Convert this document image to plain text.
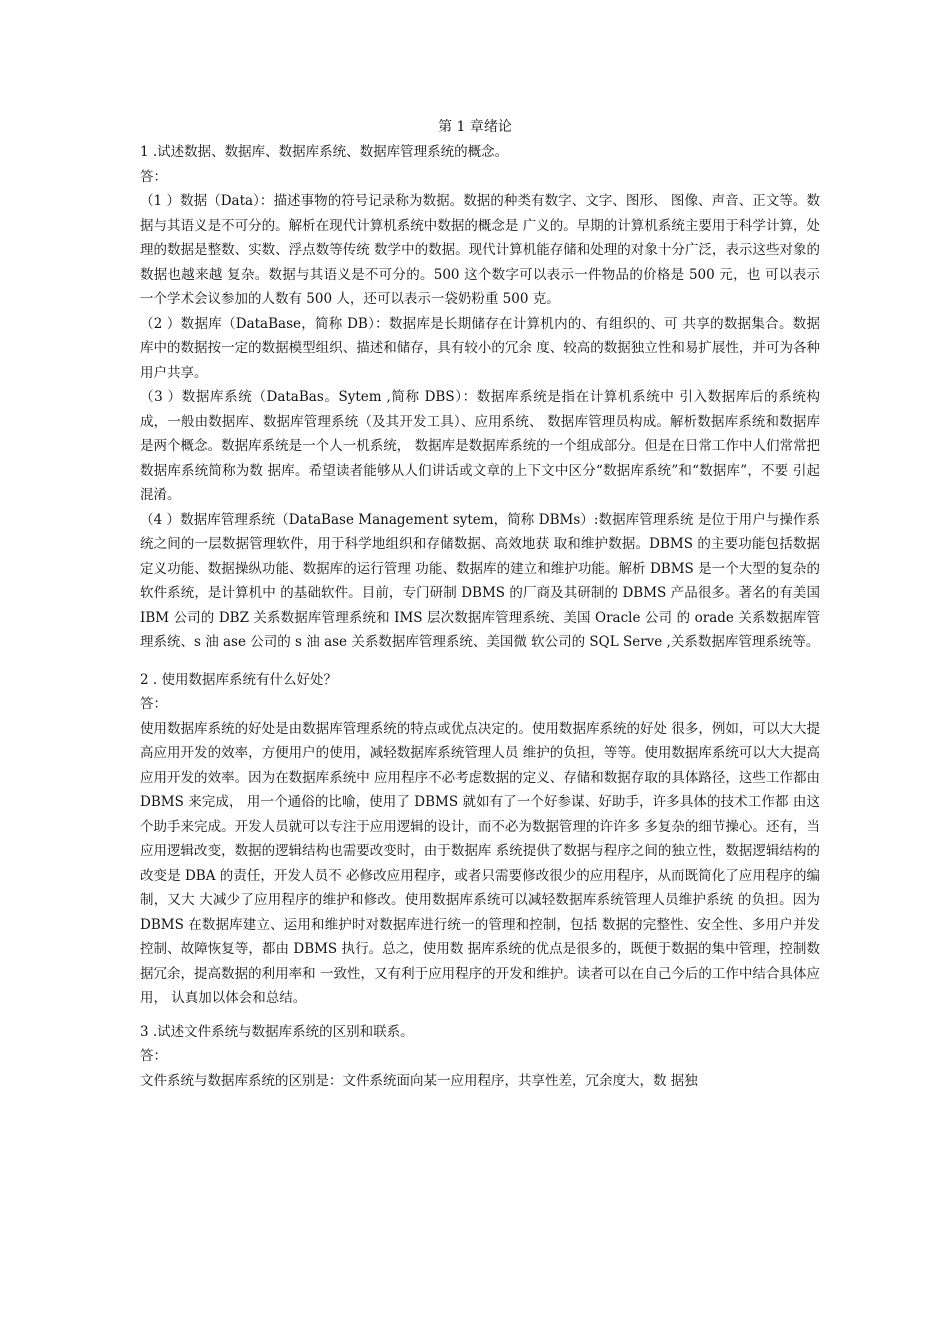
第 1 章绪论

1 .试述数据、数据库、数据库系统、数据库管理系统的概念。

答：

（1 ）数据（Data）：描述事物的符号记录称为数据。数据的种类有数字、文字、图形、 图像、声音、正文等。数据与其语义是不可分的。解析在现代计算机系统中数据的概念是 广义的。早期的计算机系统主要用于科学计算，处理的数据是整数、实数、浮点数等传统 数学中的数据。现代计算机能存储和处理的对象十分广泛，表示这些对象的数据也越来越 复杂。数据与其语义是不可分的。500 这个数字可以表示一件物品的价格是 500 元，也 可以表示一个学术会议参加的人数有 500 人，还可以表示一袋奶粉重 500 克。

（2 ）数据库（DataBase，简称 DB）：数据库是长期储存在计算机内的、有组织的、可 共享的数据集合。数据库中的数据按一定的数据模型组织、描述和储存，具有较小的冗余 度、较高的数据独立性和易扩展性，并可为各种用户共享。

（3 ）数据库系统（DataBas。Sytem ,简称 DBS）：数据库系统是指在计算机系统中 引入数据库后的系统构成，一般由数据库、数据库管理系统（及其开发工具）、应用系统、 数据库管理员构成。解析数据库系统和数据库是两个概念。数据库系统是一个人一机系统， 数据库是数据库系统的一个组成部分。但是在日常工作中人们常常把数据库系统简称为数 据库。希望读者能够从人们讲话或文章的上下文中区分“数据库系统”和“数据库”，不要 引起混淆。

（4 ）数据库管理系统（DataBase Management sytem，简称 DBMs）:数据库管理系统 是位于用户与操作系统之间的一层数据管理软件，用于科学地组织和存储数据、高效地获 取和维护数据。DBMS 的主要功能包括数据定义功能、数据操纵功能、数据库的运行管理 功能、数据库的建立和维护功能。解析 DBMS 是一个大型的复杂的软件系统，是计算机中 的基础软件。目前，专门研制 DBMS 的厂商及其研制的 DBMS 产品很多。著名的有美国 IBM 公司的 DBZ 关系数据库管理系统和 IMS 层次数据库管理系统、美国 Oracle 公司 的 orade 关系数据库管理系统、s 油 ase 公司的 s 油 ase 关系数据库管理系统、美国微 软公司的 SQL Serve ,关系数据库管理系统等。

2 . 使用数据库系统有什么好处？

答：

使用数据库系统的好处是由数据库管理系统的特点或优点决定的。使用数据库系统的好处 很多，例如，可以大大提高应用开发的效率，方便用户的使用，减轻数据库系统管理人员 维护的负担，等等。使用数据库系统可以大大提高应用开发的效率。因为在数据库系统中 应用程序不必考虑数据的定义、存储和数据存取的具体路径，这些工作都由 DBMS 来完成， 用一个通俗的比喻，使用了 DBMS 就如有了一个好参谋、好助手，许多具体的技术工作都 由这个助手来完成。开发人员就可以专注于应用逻辑的设计，而不必为数据管理的许许多 多复杂的细节操心。还有，当应用逻辑改变，数据的逻辑结构也需要改变时，由于数据库 系统提供了数据与程序之间的独立性，数据逻辑结构的改变是 DBA 的责任，开发人员不 必修改应用程序，或者只需要修改很少的应用程序，从而既简化了应用程序的编制，又大 大减少了应用程序的维护和修改。使用数据库系统可以减轻数据库系统管理人员维护系统 的负担。因为 DBMS 在数据库建立、运用和维护时对数据库进行统一的管理和控制，包括 数据的完整性、安全性、多用户并发控制、故障恢复等，都由 DBMS 执行。总之，使用数 据库系统的优点是很多的，既便于数据的集中管理，控制数据冗余，提高数据的利用率和 一致性，又有利于应用程序的开发和维护。读者可以在自己今后的工作中结合具体应用， 认真加以体会和总结。

3 .试述文件系统与数据库系统的区别和联系。

答：

文件系统与数据库系统的区别是：文件系统面向某一应用程序，共享性差，冗余度大，数 据独
